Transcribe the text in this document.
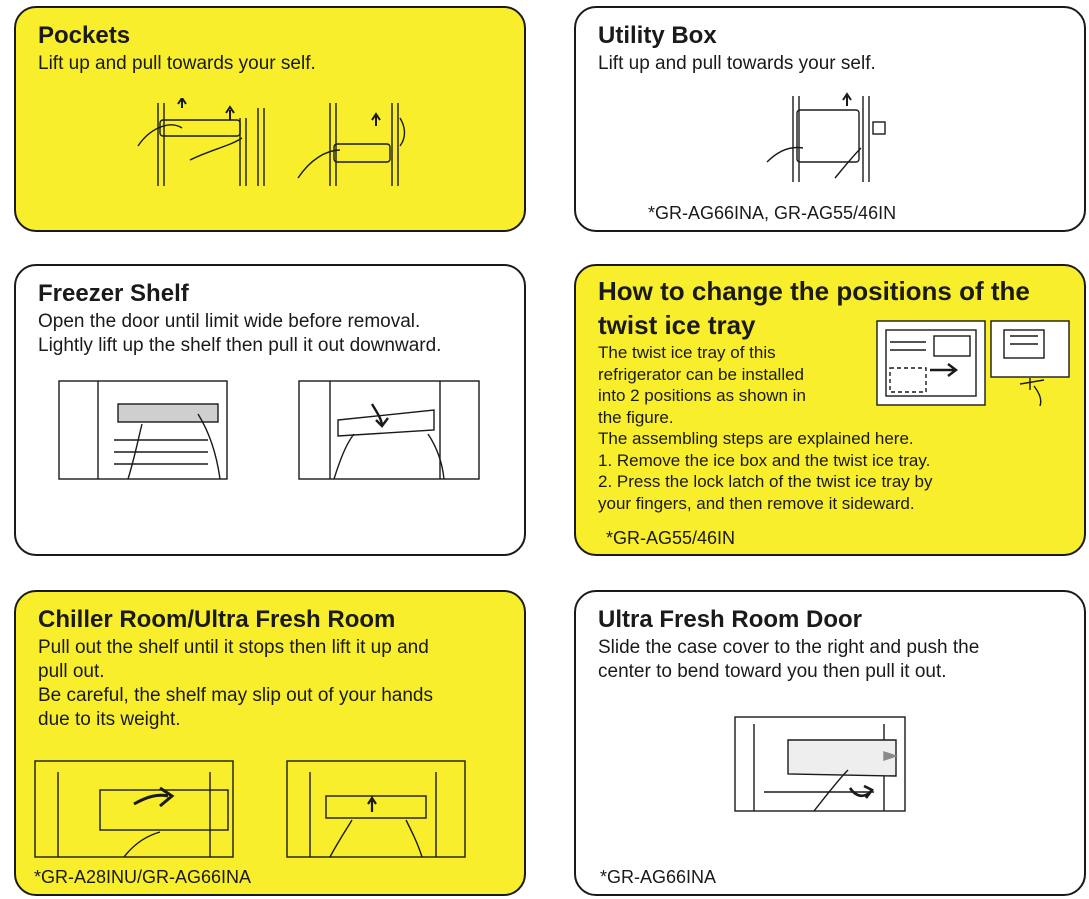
Pockets

Lift up and pull towards your self.

Utility Box

Lift up and pull towards your self.

*GR-AG66INA, GR-AG55/46IN
Freezer Shelf

Open the door until limit wide before removal.
Lightly lift up the shelf then pull it out downward.

How to change the positions of the
twist ice tray

The twist ice tray of this
refrigerator can be installed
into 2 positions as shown in
the figure.
The assembling steps are explained here.
1. Remove the ice box and the twist ice tray.
2. Press the lock latch of the twist ice tray by
your fingers, and then remove it sideward.

*GR-AG55/46IN
Chiller Room/Ultra Fresh Room

Pull out the shelf until it stops then lift it up and
pull out.
Be careful, the shelf may slip out of your hands
due to its weight.

*GR-A28INU/GR-AG66INA
Ultra Fresh Room Door

Slide the case cover to the right and push the
center to bend toward you then pull it out.

*GR-AG66INA
